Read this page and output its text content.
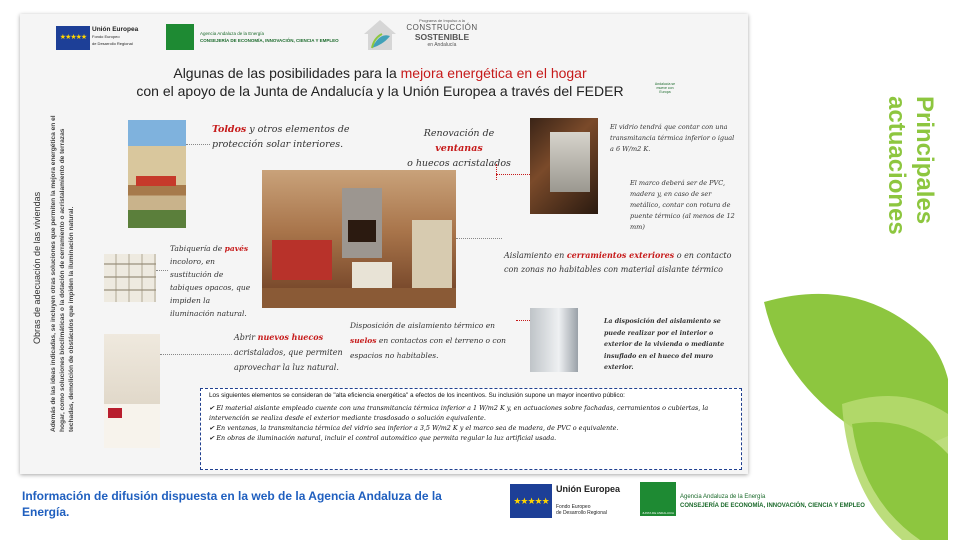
★★★★★
Unión Europea
Fondo Europeo
de Desarrollo Regional
Agencia Andaluza de la Energía
CONSEJERÍA DE ECONOMÍA, INNOVACIÓN, CIENCIA Y EMPLEO
Programa de Impulso a la
CONSTRUCCIÓN
SOSTENIBLE
en Andalucía
Algunas de las posibilidades para la mejora energética en el hogar
con el apoyo de la Junta de Andalucía y la Unión Europea a través del FEDER	Andalucía se mueve con Europa
Obras de adecuación de las viviendas Además de las ideas indicadas, se incluyen otras soluciones que permiten la mejora energética en el hogar, como soluciones bioclimáticas o la dotación de cerramiento o acristalamiento de terrazas techadas, demolición de obstáculos que impiden la iluminación natural.
Toldos y otros elementos de protección solar interiores.
Renovación de ventanas
o huecos acristalados
El vidrio tendrá que contar con una transmitancia térmica inferior o igual a 6 W/m2 K.
El marco deberá ser de PVC, madera y, en caso de ser metálico, contar con rotura de puente térmico (al menos de 12 mm)
Tabiquería de pavés incoloro, en sustitución de tabiques opacos, que impiden la iluminación natural.
Aislamiento en cerramientos exteriores o en contacto con zonas no habitables con material aislante térmico
Abrir nuevos huecos acristalados, que permiten aprovechar la luz natural.
Disposición de aislamiento térmico en suelos en contactos con el terreno o con espacios no habitables.
La disposición del aislamiento se puede realizar por el interior o exterior de la vivienda o mediante insuflado en el hueco del muro exterior.
Los siguientes elementos se consideran de "alta eficiencia energética" a efectos de los incentivos. Su inclusión supone un mayor incentivo público:
✔ El material aislante empleado cuente con una transmitancia térmica inferior a 1 W/m2 K y, en actuaciones sobre fachadas, cerramientos o cubiertas, la intervención se realiza desde el exterior mediante trasdosado o solución equivalente.
✔ En ventanas, la transmitancia térmica del vidrio sea inferior a 3,5 W/m2 K y el marco sea de madera, de PVC o equivalente.
✔ En obras de iluminación natural, incluir el control automático que permita regular la luz artificial usada.
Principales
actuaciones
Información de difusión dispuesta en la web de la Agencia Andaluza de la Energía.
★★★★★
Unión Europea
Fondo Europeo
de Desarrollo Regional	JUNTA DE ANDALUCIA
Agencia Andaluza de la Energía
CONSEJERÍA DE ECONOMÍA, INNOVACIÓN, CIENCIA Y EMPLEO
